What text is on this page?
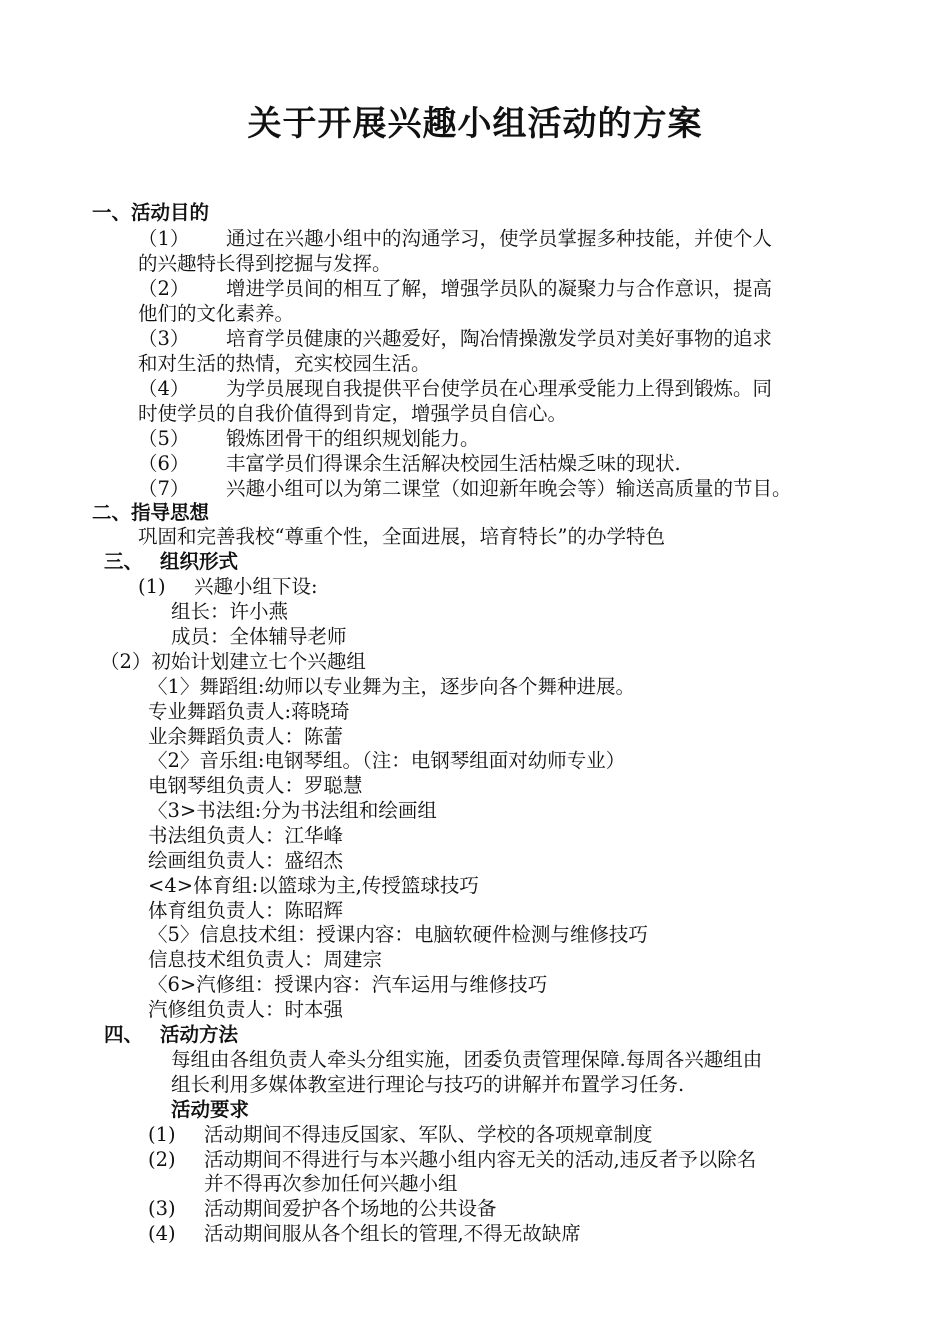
关于开展兴趣小组活动的方案
一、活动目的
（1） 通过在兴趣小组中的沟通学习，使学员掌握多种技能，并使个人
的兴趣特长得到挖掘与发挥。
（2） 增进学员间的相互了解，增强学员队的凝聚力与合作意识，提高
他们的文化素养。
（3） 培育学员健康的兴趣爱好，陶冶情操激发学员对美好事物的追求
和对生活的热情，充实校园生活。
（4） 为学员展现自我提供平台使学员在心理承受能力上得到锻炼。同
时使学员的自我价值得到肯定，增强学员自信心。
（5） 锻炼团骨干的组织规划能力。
（6） 丰富学员们得课余生活解决校园生活枯燥乏味的现状.
（7） 兴趣小组可以为第二课堂（如迎新年晚会等）输送高质量的节目。
二、指导思想
巩固和完善我校“尊重个性，全面进展，培育特长”的办学特色
三、 组织形式
(1) 兴趣小组下设:
组长：许小燕
成员：全体辅导老师
（2）初始计划建立七个兴趣组
〈1〉舞蹈组:幼师以专业舞为主，逐步向各个舞种进展。
专业舞蹈负责人:蒋晓琦
业余舞蹈负责人：陈蕾
〈2〉音乐组:电钢琴组。（注：电钢琴组面对幼师专业）
电钢琴组负责人：罗聪慧
〈3>书法组:分为书法组和绘画组
书法组负责人：江华峰
绘画组负责人：盛绍杰
<4>体育组:以篮球为主,传授篮球技巧
体育组负责人：陈昭辉
〈5〉信息技术组：授课内容：电脑软硬件检测与维修技巧
信息技术组负责人：周建宗
〈6>汽修组：授课内容：汽车运用与维修技巧
汽修组负责人：时本强
四、 活动方法
每组由各组负责人牵头分组实施，团委负责管理保障.每周各兴趣组由
组长利用多媒体教室进行理论与技巧的讲解并布置学习任务.
活动要求
(1) 活动期间不得违反国家、军队、学校的各项规章制度
(2) 活动期间不得进行与本兴趣小组内容无关的活动,违反者予以除名
并不得再次参加任何兴趣小组
(3) 活动期间爱护各个场地的公共设备
(4) 活动期间服从各个组长的管理,不得无故缺席
